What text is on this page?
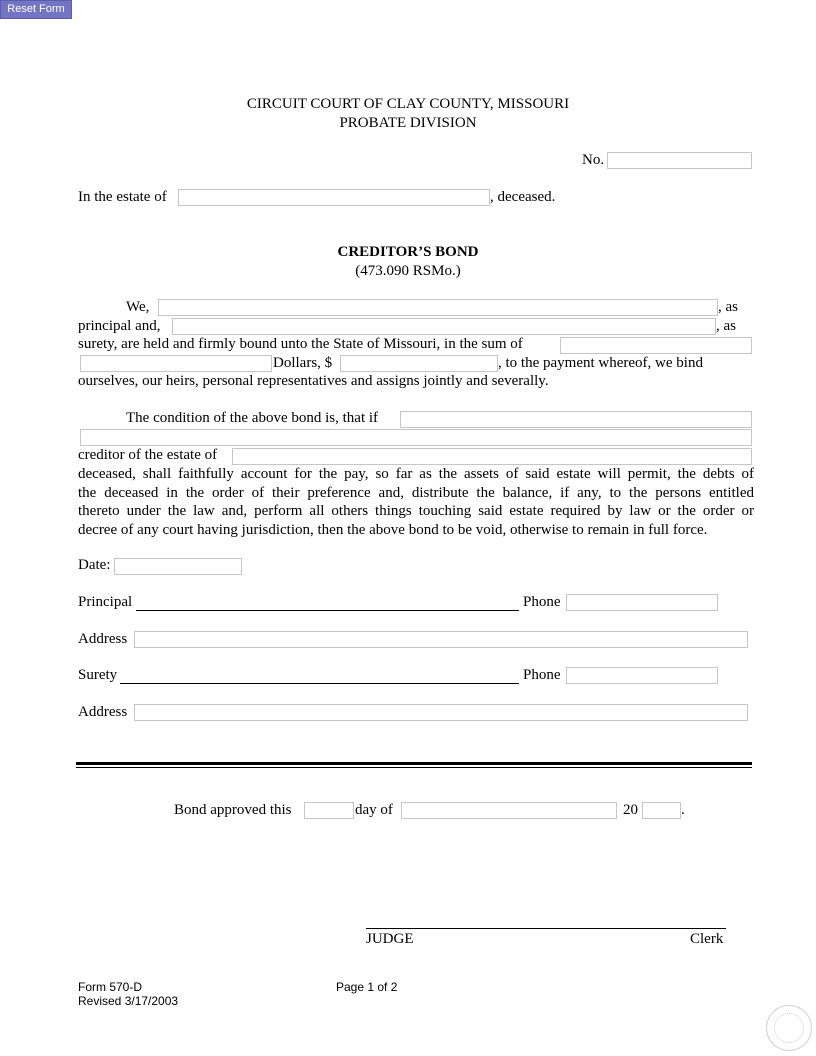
Reset Form
CIRCUIT COURT OF CLAY COUNTY, MISSOURI
PROBATE DIVISION
No.
In the estate of	, deceased.
CREDITOR’S BOND
(473.090 RSMo.)
We,	, as
principal and,	, as
surety, are held and firmly bound unto the State of Missouri, in the sum of
Dollars, $	, to the payment whereof, we bind
ourselves, our heirs, personal representatives and assigns jointly and severally.
The condition of the above bond is, that if
creditor of the estate of
deceased, shall faithfully account for the pay, so far as the assets of said estate will permit, the debts of
the deceased in the order of their preference and, distribute the balance, if any, to the persons entitled
thereto under the law and, perform all others things touching said estate required by law or the order or
decree of any court having jurisdiction, then the above bond to be void, otherwise to remain in full force.
Date:
Principal	Phone
Address
Surety	Phone
Address
Bond approved this	day of	20	.
JUDGE	Clerk
Form 570-D
Revised 3/17/2003
Page 1 of 2
